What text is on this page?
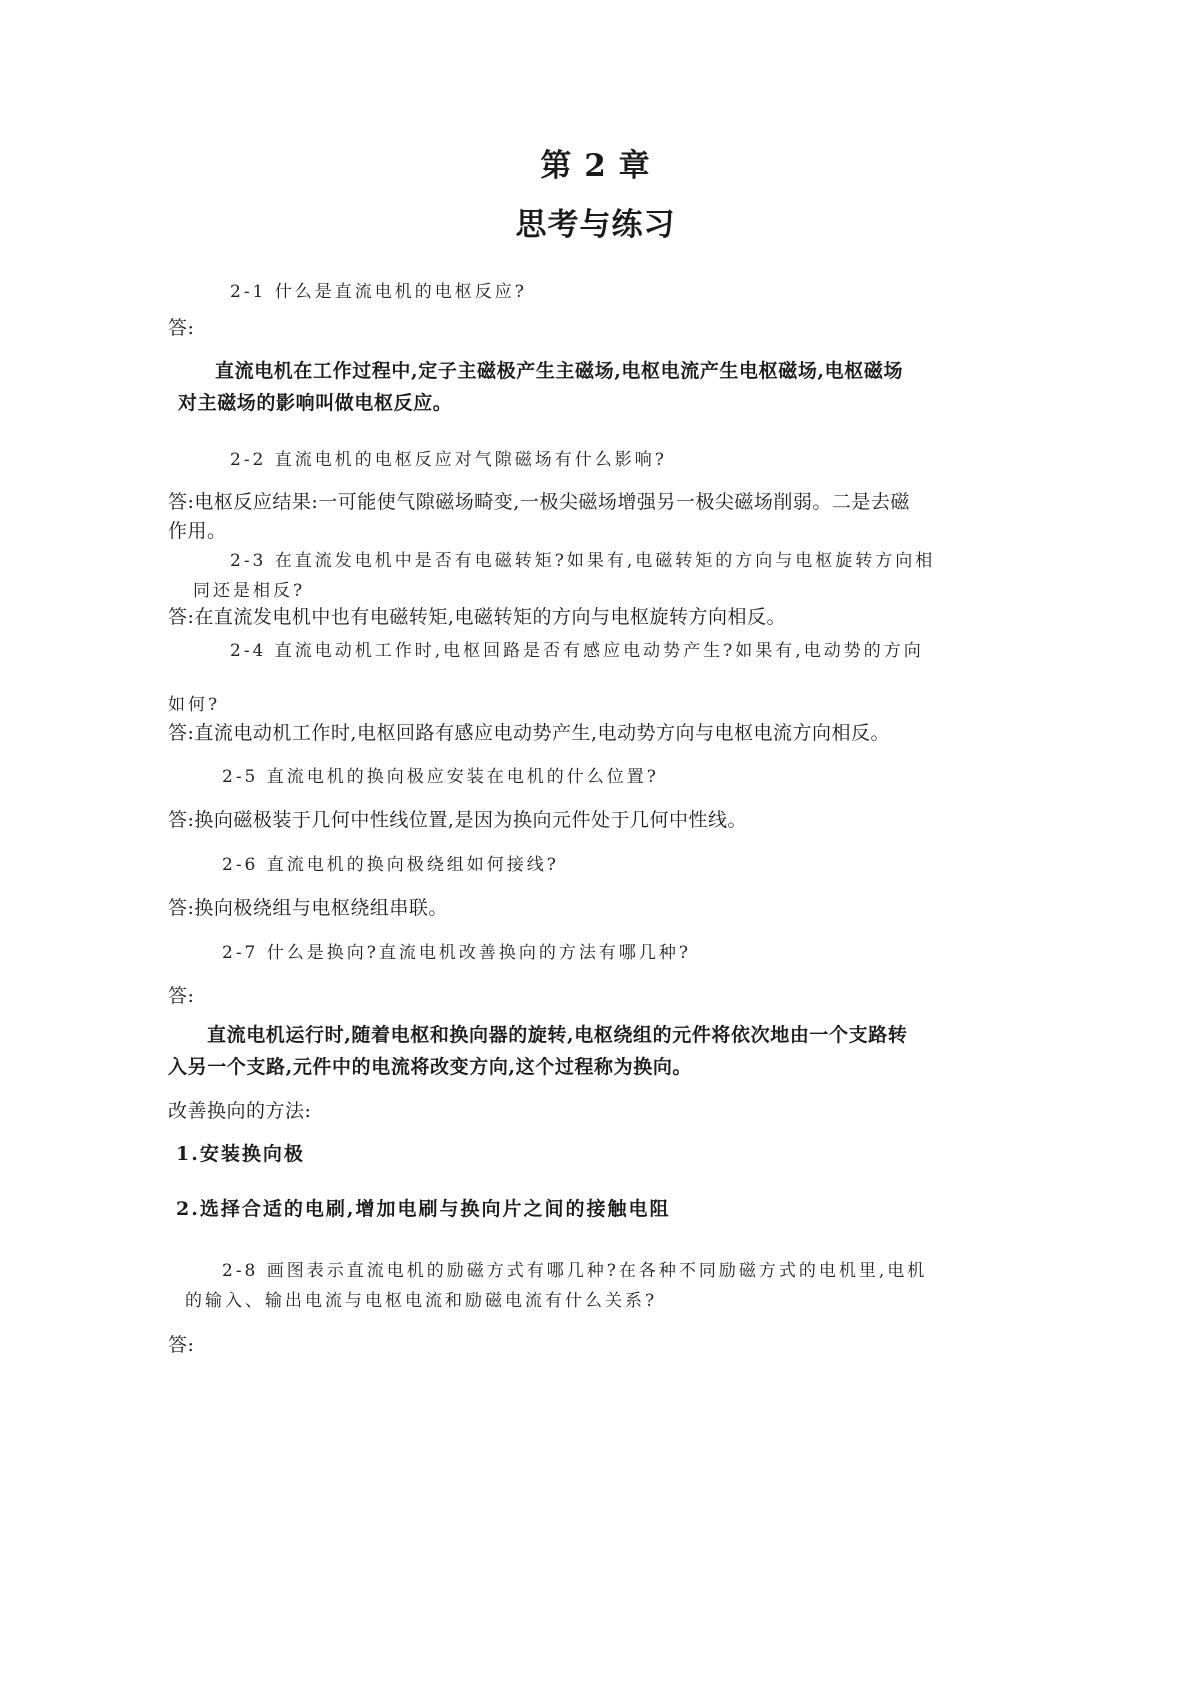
第 2 章
思考与练习

2-1 什么是直流电机的电枢反应?

答:

直流电机在工作过程中,定子主磁极产生主磁场,电枢电流产生电枢磁场,电枢磁场

对主磁场的影响叫做电枢反应。

2-2 直流电机的电枢反应对气隙磁场有什么影响?

答:电枢反应结果:一可能使气隙磁场畸变,一极尖磁场增强另一极尖磁场削弱。二是去磁

作用。

2-3 在直流发电机中是否有电磁转矩?如果有,电磁转矩的方向与电枢旋转方向相

同还是相反?

答:在直流发电机中也有电磁转矩,电磁转矩的方向与电枢旋转方向相反。

2-4 直流电动机工作时,电枢回路是否有感应电动势产生?如果有,电动势的方向

如何?

答:直流电动机工作时,电枢回路有感应电动势产生,电动势方向与电枢电流方向相反。

2-5 直流电机的换向极应安装在电机的什么位置?

答:换向磁极装于几何中性线位置,是因为换向元件处于几何中性线。

2-6 直流电机的换向极绕组如何接线?

答:换向极绕组与电枢绕组串联。

2-7 什么是换向?直流电机改善换向的方法有哪几种?

答:

直流电机运行时,随着电枢和换向器的旋转,电枢绕组的元件将依次地由一个支路转

入另一个支路,元件中的电流将改变方向,这个过程称为换向。

改善换向的方法:

1.安装换向极

2.选择合适的电刷,增加电刷与换向片之间的接触电阻

2-8 画图表示直流电机的励磁方式有哪几种?在各种不同励磁方式的电机里,电机

的输入、输出电流与电枢电流和励磁电流有什么关系?

答:
